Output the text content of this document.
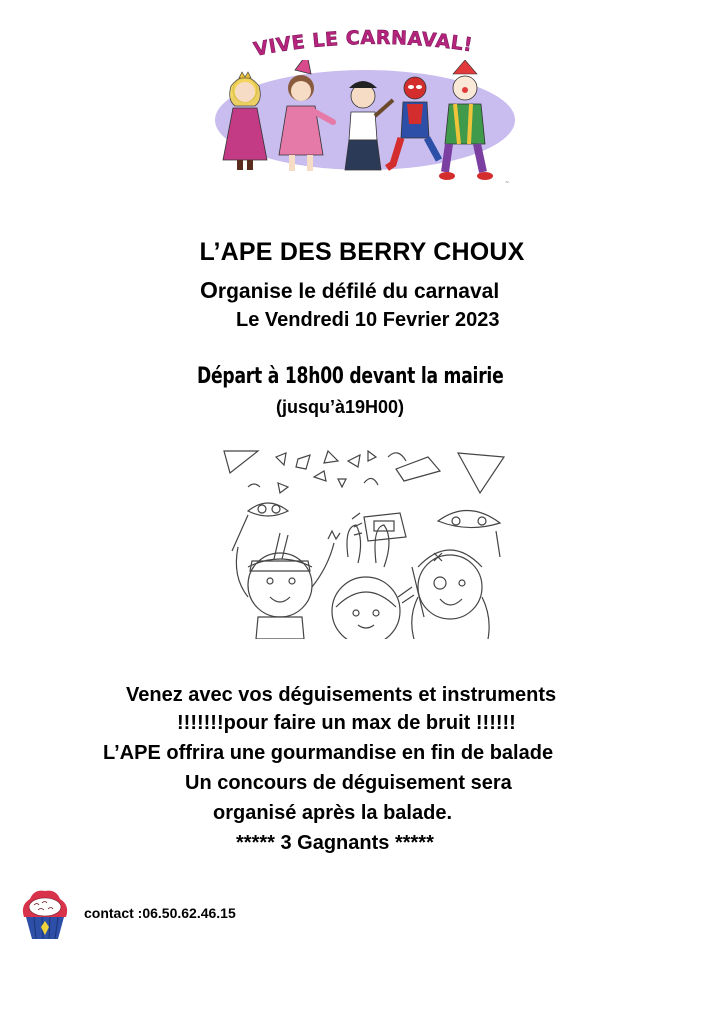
VIVE LE CARNAVAL!
~
L’APE DES BERRY CHOUX
Organise le défilé du carnaval
Le Vendredi 10 Fevrier 2023
Départ à 18h00 devant la mairie
(jusqu’à19H00)
Venez avec vos déguisements et instruments
!!!!!!!pour faire un max de bruit !!!!!!
L’APE offrira une gourmandise en fin de balade
Un concours de déguisement sera
organisé après la balade.
***** 3 Gagnants *****
contact :06.50.62.46.15
